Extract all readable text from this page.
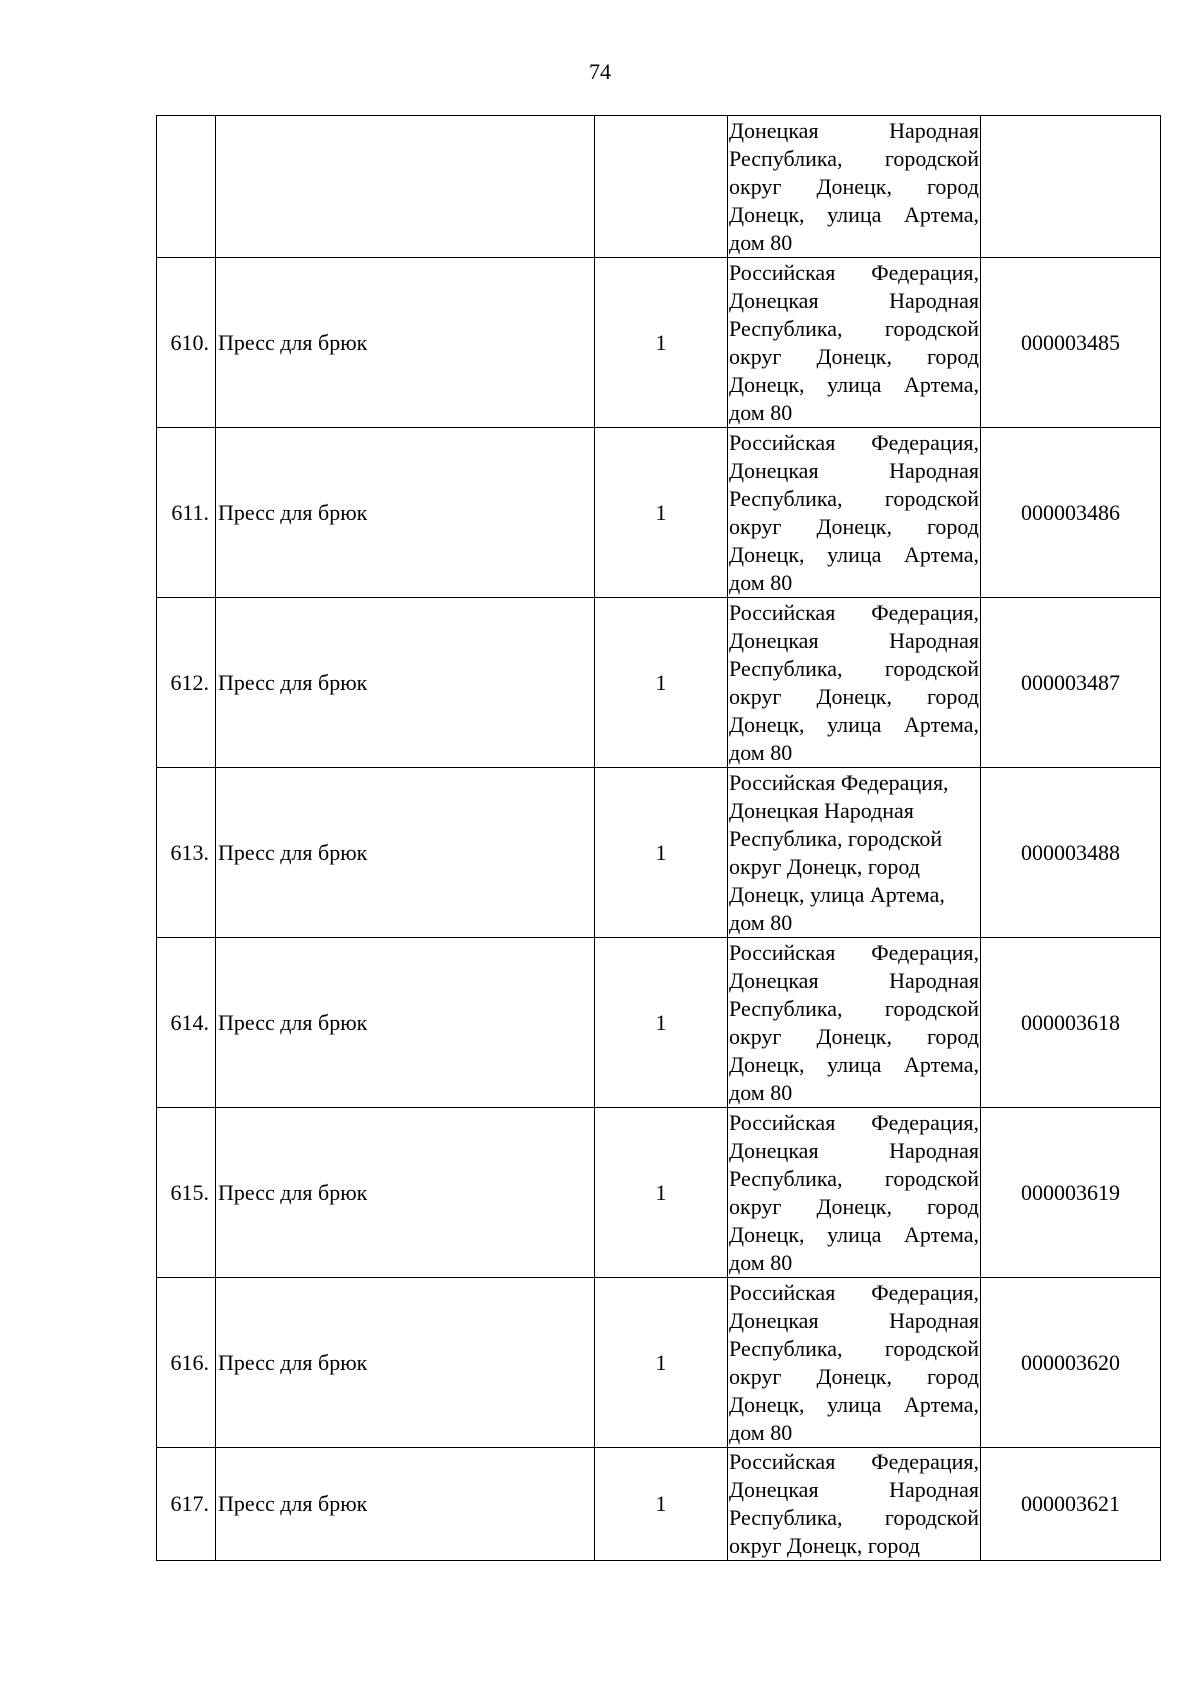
74
			Донецкая Народная Республика, городской округ Донецк, город Донецк, улица Артема, дом 80	
610.	Пресс для брюк	1	Российская Федерация, Донецкая Народная Республика, городской округ Донецк, город Донецк, улица Артема, дом 80	000003485
611.	Пресс для брюк	1	Российская Федерация, Донецкая Народная Республика, городской округ Донецк, город Донецк, улица Артема, дом 80	000003486
612.	Пресс для брюк	1	Российская Федерация, Донецкая Народная Республика, городской округ Донецк, город Донецк, улица Артема, дом 80	000003487
613.	Пресс для брюк	1	Российская Федерация, Донецкая Народная Республика, городской округ Донецк, город Донецк, улица Артема, дом 80	000003488
614.	Пресс для брюк	1	Российская Федерация, Донецкая Народная Республика, городской округ Донецк, город Донецк, улица Артема, дом 80	000003618
615.	Пресс для брюк	1	Российская Федерация, Донецкая Народная Республика, городской округ Донецк, город Донецк, улица Артема, дом 80	000003619
616.	Пресс для брюк	1	Российская Федерация, Донецкая Народная Республика, городской округ Донецк, город Донецк, улица Артема, дом 80	000003620
617.	Пресс для брюк	1	Российская Федерация, Донецкая Народная Республика, городской округ Донецк, город	000003621
